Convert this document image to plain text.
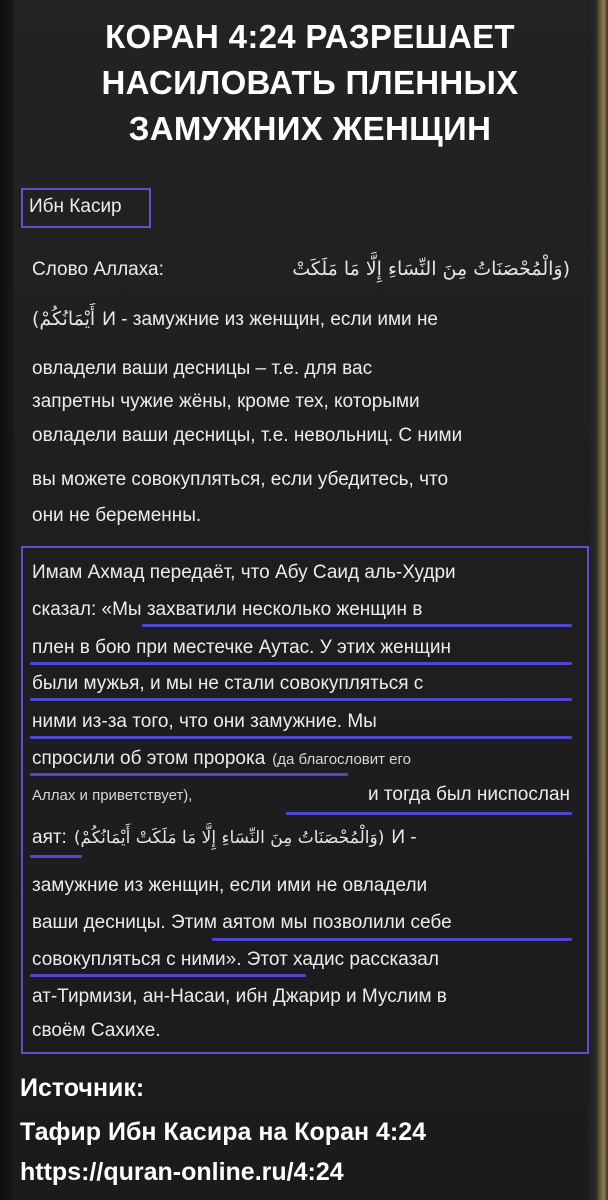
КОРАН 4:24 РАЗРЕШАЕТ
НАСИЛОВАТЬ ПЛЕННЫХ
ЗАМУЖНИХ ЖЕНЩИН
Ибн Касир
Слово Аллаха:	(وَالْمُحْصَنَاتُ مِنَ النِّسَاءِ إِلَّا مَا مَلَكَتْ
أَيْمَانُكُمْ) И - замужние из женщин, если ими не
овладели ваши десницы – т.е. для вас
запретны чужие жёны, кроме тех, которыми
овладели ваши десницы, т.е. невольниц. С ними
вы можете совокупляться, если убедитесь, что
они не беременны.
Имам Ахмад передаёт, что Абу Саид аль-Худри
сказал: «Мы захватили несколько женщин в
плен в бою при местечке Аутас. У этих женщин
были мужья, и мы не стали совокупляться с
ними из-за того, что они замужние. Мы
спросили об этом пророка (да благословит его
Аллах и приветствует),	и тогда был ниспослан
аят: (وَالْمُحْصَنَاتُ مِنَ النِّسَاءِ إِلَّا مَا مَلَكَتْ أَيْمَانُكُمْ) И -
замужние из женщин, если ими не овладели
ваши десницы. Этим аятом мы позволили себе
совокупляться с ними». Этот хадис рассказал
ат-Тирмизи, ан-Насаи, ибн Джарир и Муслим в
своём Сахихе.
Источник:
Тафир Ибн Касира на Коран 4:24
https://quran-online.ru/4:24
